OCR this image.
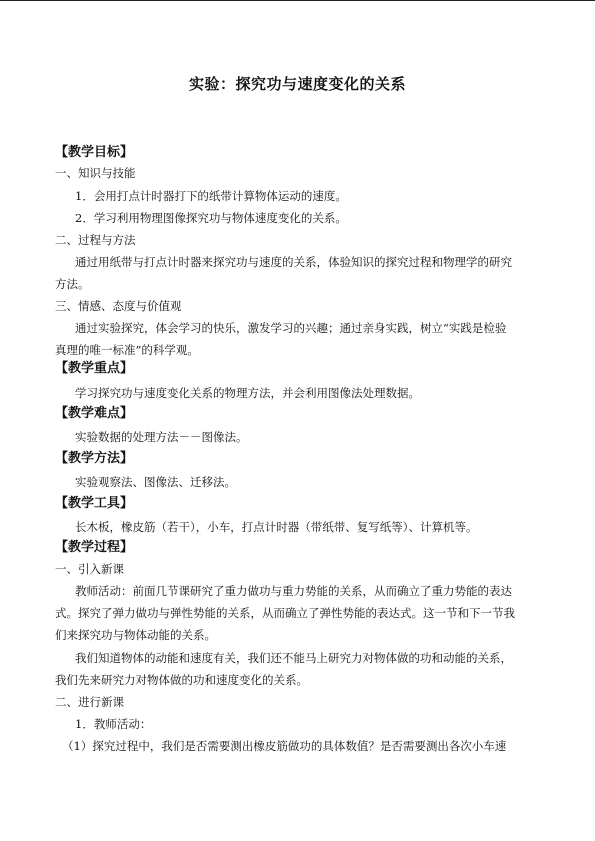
实验：探究功与速度变化的关系
【教学目标】
一、知识与技能
1．会用打点计时器打下的纸带计算物体运动的速度。
2．学习利用物理图像探究功与物体速度变化的关系。
二、过程与方法
通过用纸带与打点计时器来探究功与速度的关系，体验知识的探究过程和物理学的研究
方法。
三、情感、态度与价值观
通过实验探究，体会学习的快乐，激发学习的兴趣；通过亲身实践，树立“实践是检验
真理的唯一标准”的科学观。
【教学重点】
学习探究功与速度变化关系的物理方法，并会利用图像法处理数据。
【教学难点】
实验数据的处理方法－－图像法。
【教学方法】
实验观察法、图像法、迁移法。
【教学工具】
长木板，橡皮筋（若干），小车，打点计时器（带纸带、复写纸等）、计算机等。
【教学过程】
一、引入新课
教师活动：前面几节课研究了重力做功与重力势能的关系，从而确立了重力势能的表达
式。探究了弹力做功与弹性势能的关系，从而确立了弹性势能的表达式。这一节和下一节我
们来探究功与物体动能的关系。
我们知道物体的动能和速度有关，我们还不能马上研究力对物体做的功和动能的关系，
我们先来研究力对物体做的功和速度变化的关系。
二、进行新课
1．教师活动：
（1）探究过程中，我们是否需要测出橡皮筋做功的具体数值？是否需要测出各次小车速
